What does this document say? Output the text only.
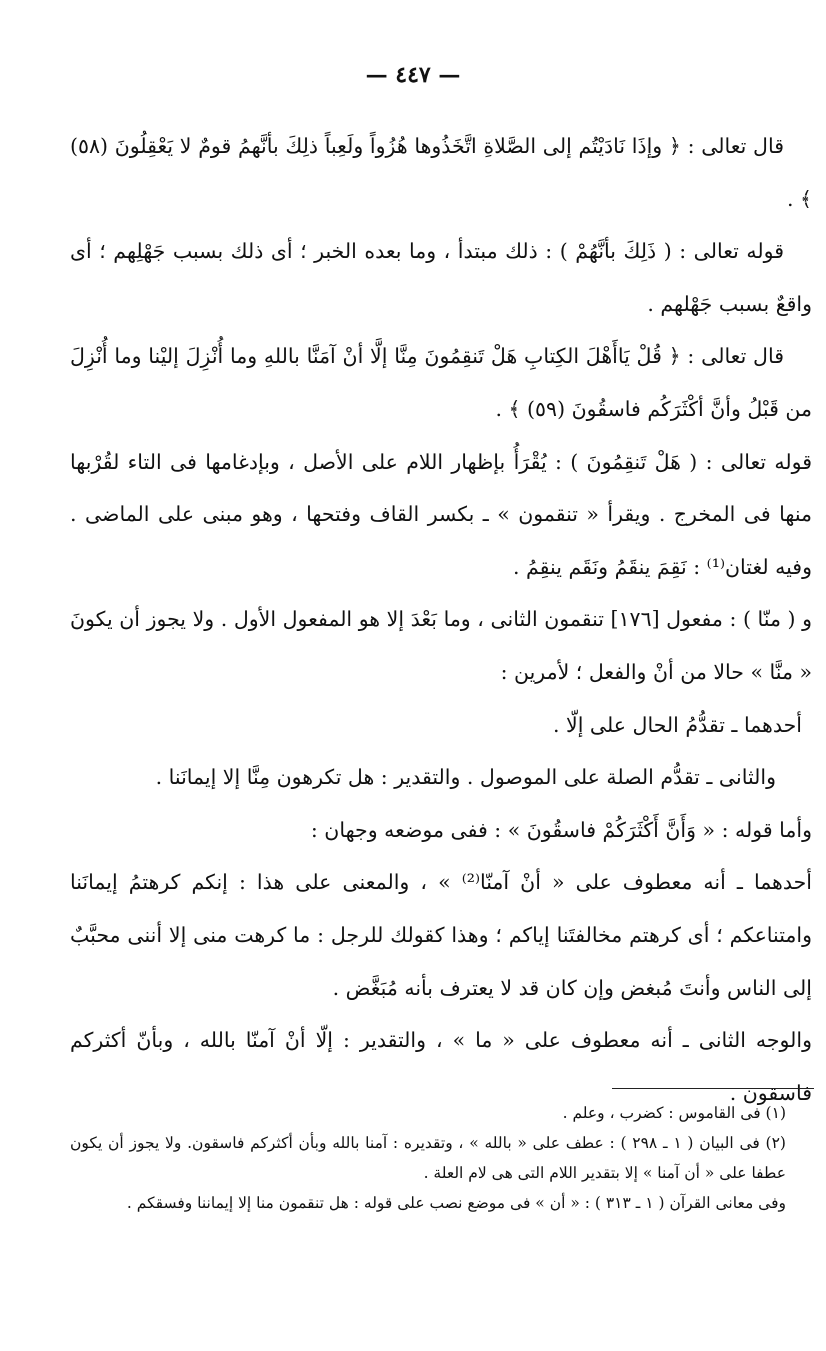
— ٤٤٧ —

قال تعالى : ﴿ وإذَا نَادَيْتُم إلى الصَّلاةِ اتَّخَذُوها هُزُواً ولَعِباً ذلِكَ بأنَّهمُ قومٌ لا يَعْقِلُونَ (٥٨) ﴾ .

قوله تعالى : ( ذَلِكَ بأنَّهُمْ ) : ذلك مبتدأ ، وما بعده الخبر ؛ أى ذلك بسبب جَهْلِهم ؛ أى واقعٌ بسبب جَهْلهم .

قال تعالى : ﴿ قُلْ يَاأَهْلَ الكِتابِ هَلْ تَنقِمُونَ مِنَّا إلَّا أنْ آمَنَّا باللهِ وما أُنْزِلَ إليْنا وما أُنْزِلَ من قَبْلُ وأنَّ أكْثَرَكُم فاسقُونَ (٥٩) ﴾ .

قوله تعالى : ( هَلْ تَنقِمُونَ ) : يُقْرَأُ بإظهار اللام على الأصل ، وبإدغامها فى التاء لقُرْبها منها فى المخرج . ويقرأ « تنقمون » ـ بكسر القاف وفتحها ، وهو مبنى على الماضى . وفيه لغتان⁽¹⁾ : نَقِمَ ينقَمُ ونَقَم ينقِمُ .

و ( منّا ) : مفعول [١٧٦] تنقمون الثانى ، وما بَعْدَ إلا هو المفعول الأول . ولا يجوز أن يكونَ « منَّا » حالا من أنْ والفعل ؛ لأمرين :

أحدهما ـ تقدُّمُ الحال على إلّا .

والثانى ـ تقدُّم الصلة على الموصول . والتقدير : هل تكرهون مِنَّا إلا إيمانَنا .

وأما قوله : « وَأَنَّ أَكْثَرَكُمْ فاسقُونَ » : ففى موضعه وجهان :

أحدهما ـ أنه معطوف على « أنْ آمنّا⁽²⁾ » ، والمعنى على هذا : إنكم كرهتمُ إيمانَنا وامتناعكم ؛ أى كرهتم مخالفتَنا إياكم ؛ وهذا كقولك للرجل : ما كرهت منى إلا أننى محبَّبٌ إلى الناس وأنتَ مُبغض وإن كان قد لا يعترف بأنه مُبَغَّض .

والوجه الثانى ـ أنه معطوف على « ما » ، والتقدير : إلّا أنْ آمنّا بالله ، وبأنّ أكثركم فاسقون .

(١) فى القاموس : كضرب ، وعلم .

(٢) فى البيان ( ١ ـ ٢٩٨ ) : عطف على « بالله » ، وتقديره : آمنا بالله وبأن أكثركم فاسقون. ولا يجوز أن يكون عطفا على « أن آمنا » إلا بتقدير اللام التى هى لام العلة .

وفى معانى القرآن ( ١ ـ ٣١٣ ) : « أن » فى موضع نصب على قوله : هل تنقمون منا إلا إيماننا وفسقكم .
